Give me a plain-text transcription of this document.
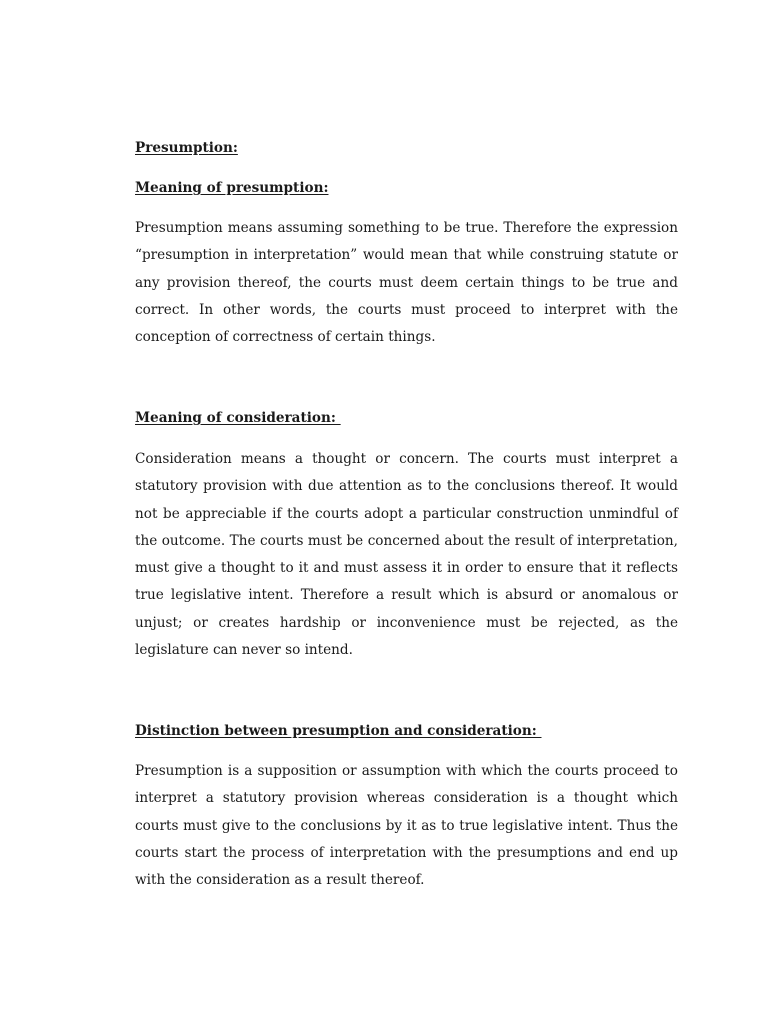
Presumption:
Meaning of presumption:

Presumption means assuming something to be true. Therefore the expression “presumption in interpretation” would mean that while construing statute or any provision thereof, the courts must deem certain things to be true and correct. In other words, the courts must proceed to interpret with the conception of correctness of certain things.

Meaning of consideration:

Consideration means a thought or concern. The courts must interpret a statutory provision with due attention as to the conclusions thereof. It would not be appreciable if the courts adopt a particular construction unmindful of the outcome. The courts must be concerned about the result of interpretation, must give a thought to it and must assess it in order to ensure that it reflects true legislative intent. Therefore a result which is absurd or anomalous or unjust; or creates hardship or inconvenience must be rejected, as the legislature can never so intend.

Distinction between presumption and consideration:

Presumption is a supposition or assumption with which the courts proceed to interpret a statutory provision whereas consideration is a thought which courts must give to the conclusions by it as to true legislative intent. Thus the courts start the process of interpretation with the presumptions and end up with the consideration as a result thereof.
